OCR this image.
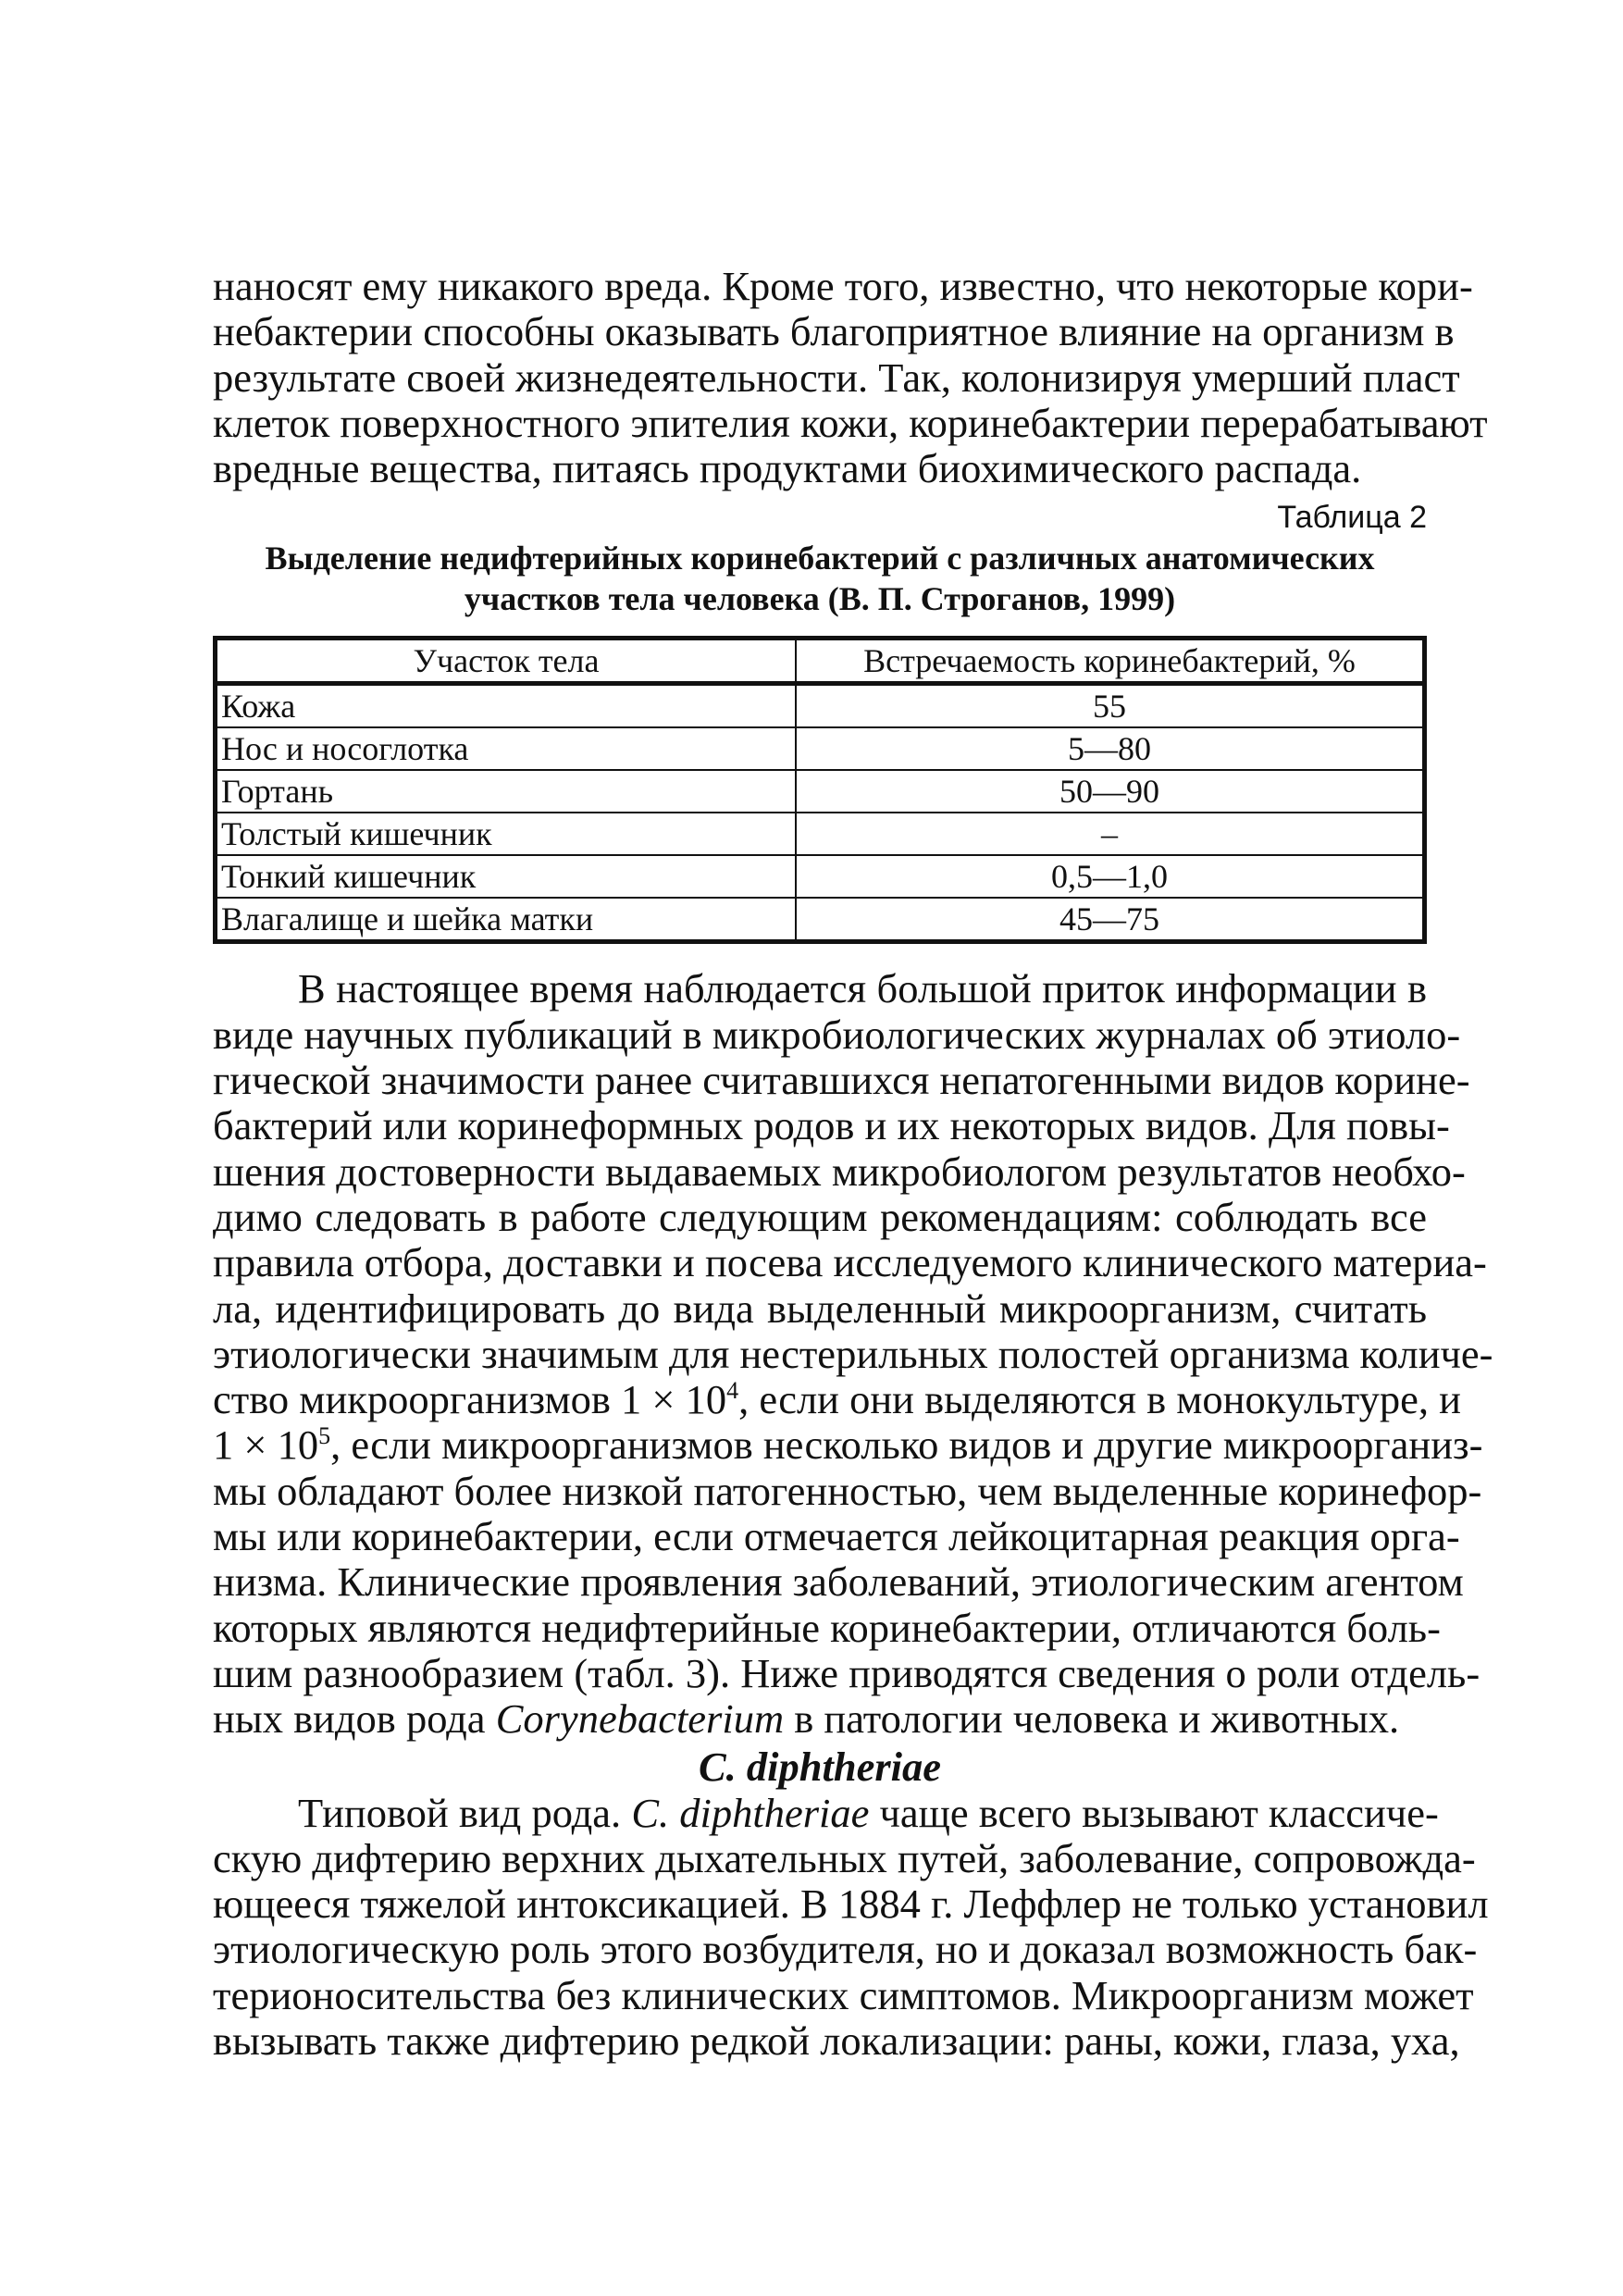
наносят ему никакого вреда. Кроме того, известно, что некоторые кори-
небактерии способны оказывать благоприятное влияние на организм в
результате своей жизнедеятельности. Так, колонизируя умерший пласт
клеток поверхностного эпителия кожи, коринебактерии перерабатывают
вредные вещества, питаясь продуктами биохимического распада.

Таблица 2

Выделение недифтерийных коринебактерий с различных анатомических
участков тела человека (В. П. Строганов, 1999)

Участок тела	Встречаемость коринебактерий, %
Кожа	55
Нос и носоглотка	5—80
Гортань	50—90
Толстый кишечник	–
Тонкий кишечник	0,5—1,0
Влагалище и шейка матки	45—75

В настоящее время наблюдается большой приток информации в
виде научных публикаций в микробиологических журналах об этиоло-
гической значимости ранее считавшихся непатогенными видов корине-
бактерий или коринеформных родов и их некоторых видов. Для повы-
шения достоверности выдаваемых микробиологом результатов необхо-
димо следовать в работе следующим рекомендациям: соблюдать все
правила отбора, доставки и посева исследуемого клинического материа-
ла, идентифицировать до вида выделенный микроорганизм, считать
этиологически значимым для нестерильных полостей организма количе-
ство микроорганизмов $1 \times 10^4$, если они выделяются в монокультуре, и
$1 \times 10^5$, если микроорганизмов несколько видов и другие микроорганиз-
мы обладают более низкой патогенностью, чем выделенные коринефор-
мы или коринебактерии, если отмечается лейкоцитарная реакция орга-
низма. Клинические проявления заболеваний, этиологическим агентом
которых являются недифтерийные коринебактерии, отличаются боль-
шим разнообразием (табл. 3). Ниже приводятся сведения о роли отдель-
ных видов рода Corynebacterium в патологии человека и животных.

C. diphtheriae

Типовой вид рода. C. diphtheriae чаще всего вызывают классиче-
скую дифтерию верхних дыхательных путей, заболевание, сопровожда-
ющееся тяжелой интоксикацией. В 1884 г. Леффлер не только установил
этиологическую роль этого возбудителя, но и доказал возможность бак-
терионосительства без клинических симптомов. Микроорганизм может
вызывать также дифтерию редкой локализации: раны, кожи, глаза, уха,
